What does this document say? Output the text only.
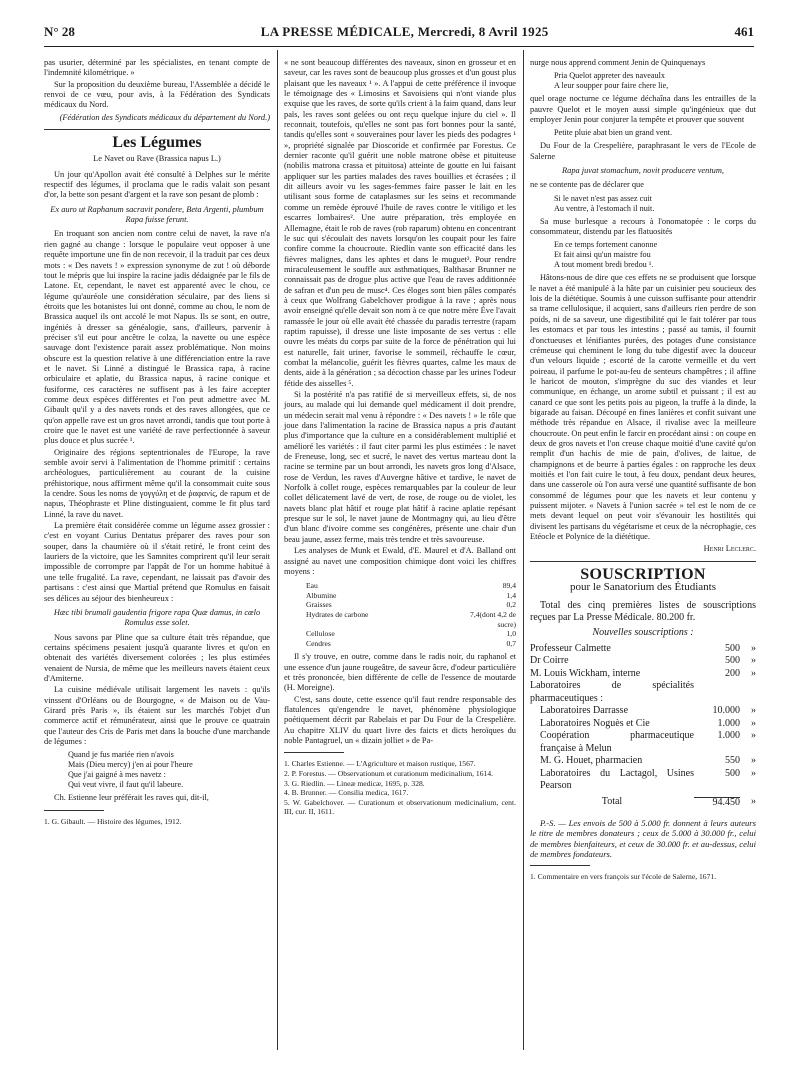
N° 28	LA PRESSE MÉDICALE, Mercredi, 8 Avril 1925	461

pas usurier, déterminé par les spécialistes, en tenant compte de l'indemnité kilométrique. »

Sur la proposition du deuxième bureau, l'Assemblée a décidé le renvoi de ce vœu, pour avis, à la Fédération des Syndicats médicaux du Nord.

(Fédération des Syndicats médicaux du département du Nord.)
Les Légumes
Le Navet ou Rave (Brassica napus L.)

Un jour qu'Apollon avait été consulté à Delphes sur le mérite respectif des légumes, il proclama que le radis valait son pesant d'or, la bette son pesant d'argent et la rave son pesant de plomb :

Ex auro ut Raphanum sacravit pondere, Beta Argenti, plumbum Rapa fuisse ferunt.

En troquant son ancien nom contre celui de navet, la rave n'a rien gagné au change : lorsque le populaire veut opposer à une requête importune une fin de non recevoir, il la traduit par ces deux mots : « Des navets ! » expression synonyme de zut ! où déborde tout le mépris que lui inspire la racine jadis dédaignée par le fils de Latone. Et, cependant, le navet est apparenté avec le chou, ce légume qu'auréole une considération séculaire, par des liens si étroits que les botanistes lui ont donné, comme au chou, le nom de Brassica auquel ils ont accolé le mot Napus. Ils se sont, en outre, ingéniés à dresser sa généalogie, sans, d'ailleurs, parvenir à préciser s'il eut pour ancêtre le colza, la navette ou une espèce sauvage dont l'existence parait assez problématique. Non moins obscure est la question relative à une différenciation entre la rave et le navet. Si Linné a distingué le Brassica rapa, à racine orbiculaire et aplatie, du Brassica napus, à racine conique et fusiforme, ces caractères ne suffisent pas à les faire accepter comme deux espèces différentes et l'on peut admettre avec M. Gibault qu'il y a des navets ronds et des raves allongées, que ce qu'on appelle rave est un gros navet arrondi, tandis que tout porte à croire que le navet est une variété de rave perfectionnée à saveur plus douce et plus sucrée ¹.

Originaire des régions septentrionales de l'Europe, la rave semble avoir servi à l'alimentation de l'homme primitif : certains archéologues, particulièrement au courant de la cuisine préhistorique, nous affirment même qu'il la consommait cuite sous la cendre. Sous les noms de γογγύλη et de ῥαφανίς, de rapum et de napus, Théophraste et Pline distinguaient, comme le fit plus tard Linné, la rave du navet.

La première était considérée comme un légume assez grossier : c'est en voyant Curius Dentatus préparer des raves pour son souper, dans la chaumière où il s'était retiré, le front ceint des lauriers de la victoire, que les Samnites comprirent qu'il leur serait impossible de corrompre par l'appât de l'or un homme habitué à une telle frugalité. La rave, cependant, ne laissait pas d'avoir des partisans : c'est ainsi que Martial prétend que Romulus en faisait ses délices au séjour des bienheureux :

Hæc tibi brumali gaudentia frigore rapa Quæ damus, in cœlo Romulus esse solet.

Nous savons par Pline que sa culture était très répandue, que certains spécimens pesaient jusqu'à quarante livres et qu'on en obtenait des variétés diversement colorées ; les plus estimées venaient de Nursia, de même que les meilleurs navets étaient ceux d'Amiterne.

La cuisine médiévale utilisait largement les navets : qu'ils vinssent d'Orléans ou de Bourgogne, « de Maison ou de Vau-Girard près Paris », ils étaient sur les marchés l'objet d'un commerce actif et rémunérateur, ainsi que le prouve ce quatrain que l'auteur des Cris de Paris met dans la bouche d'une marchande de légumes :

Quand je fus mariée rien n'avois
Mais (Dieu mercy) j'en ai pour l'heure
Que j'ai gaigné à mes navetz :
Qui veut vivre, il faut qu'il labeure.

Ch. Estienne leur préférait les raves qui, dit-il,

1. G. Gibault. — Histoire des légumes, 1912.

« ne sont beaucoup différentes des naveaux, sinon en grosseur et en saveur, car les raves sont de beaucoup plus grosses et d'un goust plus plaisant que les naveaux ¹ ». A l'appui de cette préférence il invoque le témoignage des « Limosins et Savoisiens qui n'ont viande plus exquise que les raves, de sorte qu'ils crient à la faim quand, dans leur païs, les raves sont gelées ou ont reçu quelque injure du ciel ». Il reconnait, toutefois, qu'elles ne sont pas fort bonnes pour la santé, tandis qu'elles sont « souveraines pour laver les pieds des podagres ¹ », propriété signalée par Dioscoride et confirmée par Forestus. Ce dernier raconte qu'il guérit une noble matrone obèse et pituiteuse (nobilis matrona crassa et pituitosa) atteinte de goutte en lui faisant appliquer sur les parties malades des raves bouillies et écrasées ; il dit ailleurs avoir vu les sages-femmes faire passer le lait en les utilisant sous forme de cataplasmes sur les seins et recommande comme un remède éprouvé l'huile de raves contre le vitiligo et les escarres lombaires². Une autre préparation, très employée en Allemagne, était le rob de raves (rob raparum) obtenu en concentrant le suc qui s'écoulait des navets lorsqu'on les coupait pour les faire confire comme la choucroute. Riedlin vante son efficacité dans les fièvres malignes, dans les aphtes et dans le muguet³. Pour rendre miraculeusement le souffle aux asthmatiques, Balthasar Brunner ne connaissait pas de drogue plus active que l'eau de raves additionnée de safran et d'un peu de musc⁴. Ces éloges sont bien pâles comparés à ceux que Wolfrang Gabelchover prodigue à la rave ; après nous avoir enseigné qu'elle devait son nom à ce que notre mère Ève l'avait ramassée le jour où elle avait été chassée du paradis terrestre (rapam raptim rapuisse), il dresse une liste imposante de ses vertus : elle ouvre les méats du corps par suite de la force de pénétration qui lui est naturelle, fait uriner, favorise le sommeil, réchauffe le cœur, combat la mélancolie, guérit les fièvres quartes, calme les maux de dents, aide à la génération ; sa décoction chasse par les urines l'odeur fétide des aisselles ⁵.

Si la postérité n'a pas ratifié de si merveilleux effets, si, de nos jours, au malade qui lui demande quel médicament il doit prendre, un médecin serait mal venu à répondre : « Des navets ! » le rôle que joue dans l'alimentation la racine de Brassica napus a pris d'autant plus d'importance que la culture en a considérablement multiplié et amélioré les variétés : il faut citer parmi les plus estimées : le navet de Freneuse, long, sec et sucré, le navet des vertus marteau dont la racine se termine par un bout arrondi, les navets gros long d'Alsace, rose de Verdun, les raves d'Auvergne hâtive et tardive, le navet de Norfolk à collet rouge, espèces remarquables par la couleur de leur collet délicatement lavé de vert, de rose, de rouge ou de violet, les navets blanc plat hâtif et rouge plat hâtif à racine aplatie repésant presque sur le sol, le navet jaune de Montmagny qui, au lieu d'être d'un blanc d'ivoire comme ses congénères, présente une chair d'un beau jaune, assez ferme, mais très tendre et très savoureuse.

Les analyses de Munk et Ewald, d'E. Maurel et d'A. Balland ont assigné au navet une composition chimique dont voici les chiffres moyens :

Eau	89,4
Albumine	1,4
Graisses	0,2
Hydrates de carbone	7,4(dont 4,2 de sucre)
Cellulose	1,0
Cendres	0,7

Il s'y trouve, en outre, comme dans le radis noir, du raphanol et une essence d'un jaune rougeâtre, de saveur âcre, d'odeur particulière et très prononcée, bien différente de celle de l'essence de moutarde (H. Moreigne).

C'est, sans doute, cette essence qu'il faut rendre responsable des flatulences qu'engendre le navet, phénomène physiologique poétiquement décrit par Rabelais et par Du Four de la Crespelière. Au chapitre XLIV du quart livre des faicts et dicts heroïques du noble Pantagruel, un « dizain jolliet » de Pa-

1. Charles Estienne. — L'Agriculture et maison rustique, 1567.

2. P. Forestus. — Observationum et curationum medicinalium, 1614.

3. G. Riedlin. — Lineæ medicæ, 1695, p. 328.

4. B. Brunner. — Consilia medica, 1617.

5. W. Gabelchover. — Curationum et observationum medicinalium, cent. III, cur. II, 1611.

nurge nous apprend comment Jenin de Quinquenays

Pria Quelot appreter des naveaulx
A leur soupper pour faire chere lie,

quel orage nocturne ce légume déchaîna dans les entrailles de la pauvre Quelot et le moyen aussi simple qu'ingénieux que dut employer Jenin pour conjurer la tempête et prouver que souvent

Petite pluie abat bien un grand vent.

Du Four de la Crespelière, paraphrasant le vers de l'Ecole de Salerne

Rapa juvat stomachum, novit producere ventum,

ne se contente pas de déclarer que

Si le navet n'est pas assez cuit
Au ventre, à l'estomach il nuit.

Sa muse burlesque a recours à l'onomatopée : le corps du consommateur, distendu par les flatuosités

En ce temps fortement canonne
Et fait ainsi qu'un maistre fou
A tout moment bredi bredou ¹.

Hâtons-nous de dire que ces effets ne se produisent que lorsque le navet a été manipulé à la hâte par un cuisinier peu soucieux des lois de la diététique. Soumis à une cuisson suffisante pour attendrir sa trame cellulosique, il acquiert, sans d'ailleurs rien perdre de son poids, ni de sa saveur, une digestibilité qui le fait tolérer par tous les estomacs et par tous les intestins ; passé au tamis, il fournit d'onctueuses et lénifiantes purées, des potages d'une consistance crémeuse qui cheminent le long du tube digestif avec la douceur d'un velours liquide ; escorté de la carotte vermeille et du vert poireau, il parfume le pot-au-feu de senteurs champêtres ; il affine le haricot de mouton, s'imprègne du suc des viandes et leur communique, en échange, un arome subtil et puissant ; il est au canard ce que sont les petits pois au pigeon, la truffe à la dinde, la bigarade au faisan. Découpé en fines lanières et confit suivant une méthode très répandue en Alsace, il rivalise avec la meilleure choucroute. On peut enfin le farcir en procédant ainsi : on coupe en deux de gros navets et l'on creuse chaque moitié d'une cavité qu'on remplit d'un hachis de mie de pain, d'olives, de laitue, de champignons et de beurre à parties égales : on rapproche les deux moitiés et l'on fait cuire le tout, à feu doux, pendant deux heures, dans une casserole où l'on aura versé une quantité suffisante de bon consommé de légumes pour que les navets et leur contenu y puissent mijoter. « Navets à l'union sacrée » tel est le nom de ce mets devant lequel on peut voir s'évanouir les hostilités qui divisent les partisans du végétarisme et ceux de la nécrophagie, ces Etéocle et Polynice de la diététique.

Henri Leclerc.
SOUSCRIPTION
pour le Sanatorium des Étudiants

Total des cinq premières listes de souscriptions reçues par La Presse Médicale. 80.200 fr.

Nouvelles souscriptions :
Professeur Calmette	500	»
Dr Coirre	500	»
M. Louis Wickham, interne	200	»
Laboratoires de spécialités pharmaceutiques :
Laboratoires Darrasse	10.000	»
Laboratoires Noguès et Cie	1.000	»
Coopération pharmaceutique française à Melun
1.000	»
M. G. Houet, pharmacien	550	»
Laboratoires du Lactagol, Usines Pearson
500	»
Total	94.450	»

P.-S. — Les envois de 500 à 5.000 fr. donnent à leurs auteurs le titre de membres donateurs ; ceux de 5.000 à 30.000 fr., celui de membres bienfaiteurs, et ceux de 30.000 fr. et au-dessus, celui de membres fondateurs.

1. Commentaire en vers françois sur l'école de Salerne, 1671.
